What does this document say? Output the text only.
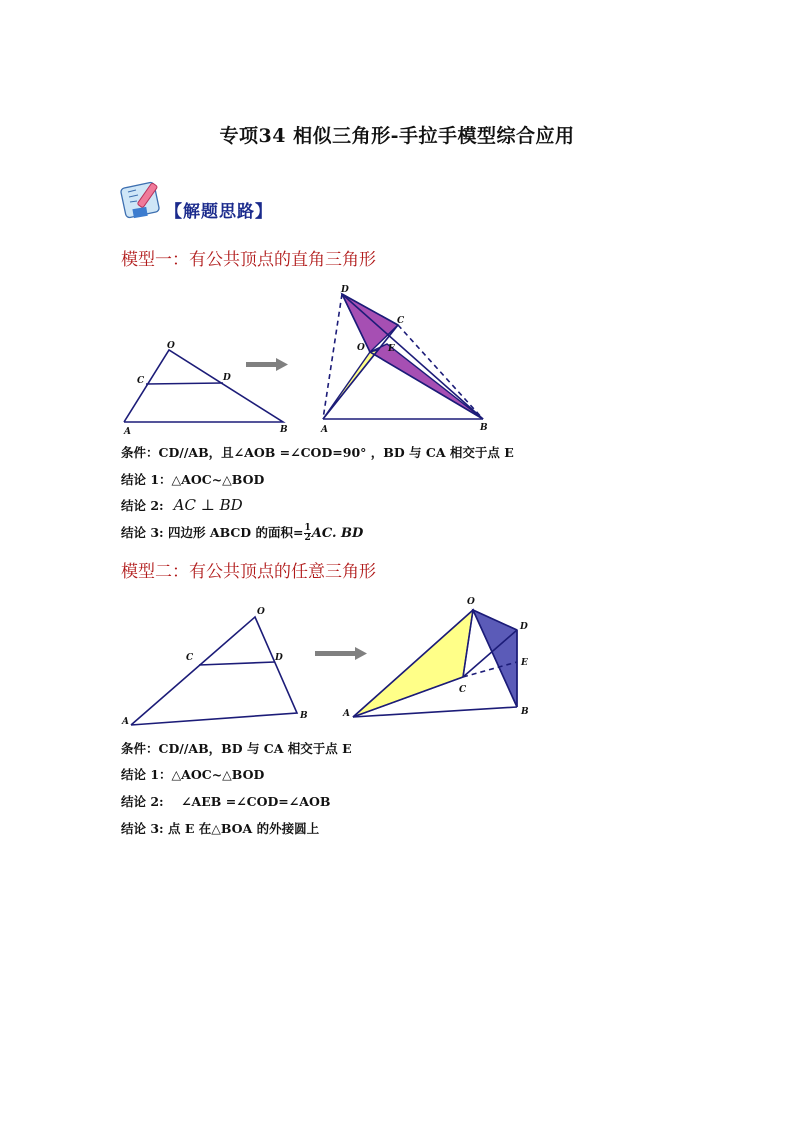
专项34 相似三角形-手拉手模型综合应用
【解题思路】
模型一：有公共顶点的直角三角形
O
C	D
A	B
D
C
O	E
A	B
条件：CD//AB，且∠AOB =∠COD=90° ，BD 与 CA 相交于点 E
结论 1：△AOC~△BOD
结论 2: AC ⊥ BD
结论 3: 四边形 ABCD 的面积= $\frac{1}{2}$ AC. BD
模型二：有公共顶点的任意三角形
O
C	D
A
B
O
D
E
C
A	B
条件：CD//AB，BD 与 CA 相交于点 E
结论 1：△AOC~△BOD
结论 2:    ∠AEB =∠COD=∠AOB
结论 3: 点 E 在△BOA 的外接圆上
